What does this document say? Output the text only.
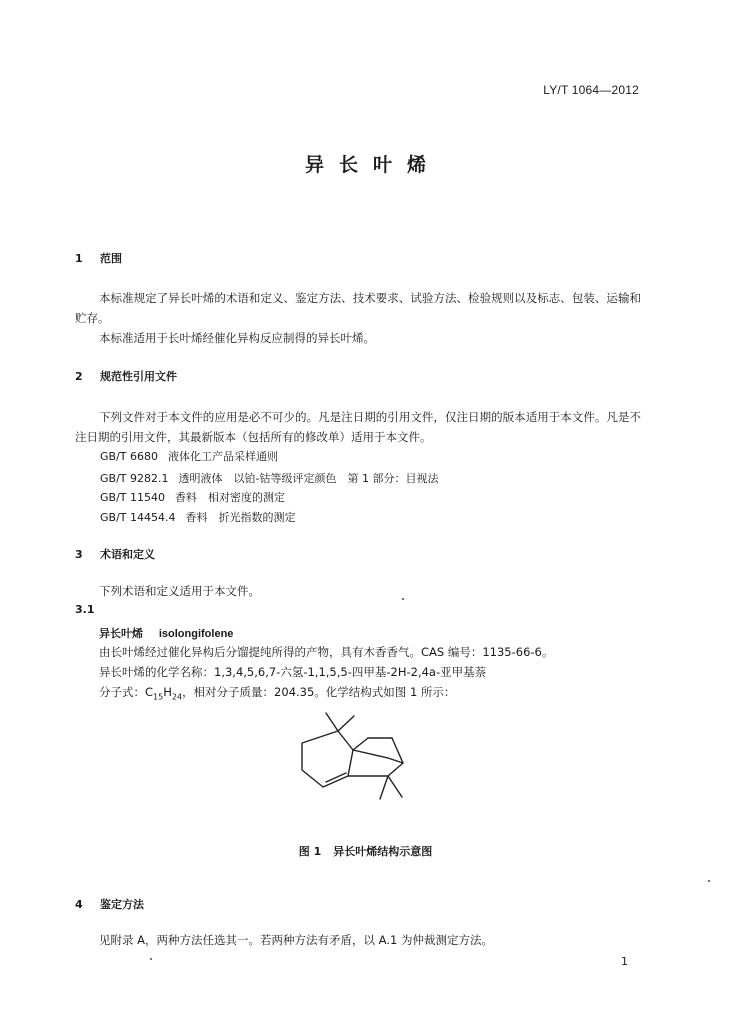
LY/T 1064—2012
异长叶烯
1 范围
本标准规定了异长叶烯的术语和定义、鉴定方法、技术要求、试验方法、检验规则以及标志、包装、运输和贮存。
本标准适用于长叶烯经催化异构反应制得的异长叶烯。
2 规范性引用文件
下列文件对于本文件的应用是必不可少的。凡是注日期的引用文件，仅注日期的版本适用于本文件。凡是不注日期的引用文件，其最新版本（包括所有的修改单）适用于本文件。
GB/T 6680 液体化工产品采样通则
GB/T 9282.1 透明液体　以铂-钴等级评定颜色　第 1 部分：目视法
GB/T 11540 香料　相对密度的测定
GB/T 14454.4 香料　折光指数的测定
3 术语和定义
下列术语和定义适用于本文件。
3.1
异长叶烯 isolongifolene
由长叶烯经过催化异构后分馏提纯所得的产物，具有木香香气。CAS 编号：1135-66-6。
异长叶烯的化学名称：1,3,4,5,6,7-六氢-1,1,5,5-四甲基-2H-2,4a-亚甲基萘
分子式：$C_{15}H_{24}$，相对分子质量：204.35。化学结构式如图 1 所示：
图 1 异长叶烯结构示意图
4 鉴定方法
见附录 A，两种方法任选其一。若两种方法有矛盾，以 A.1 为仲裁测定方法。
1
